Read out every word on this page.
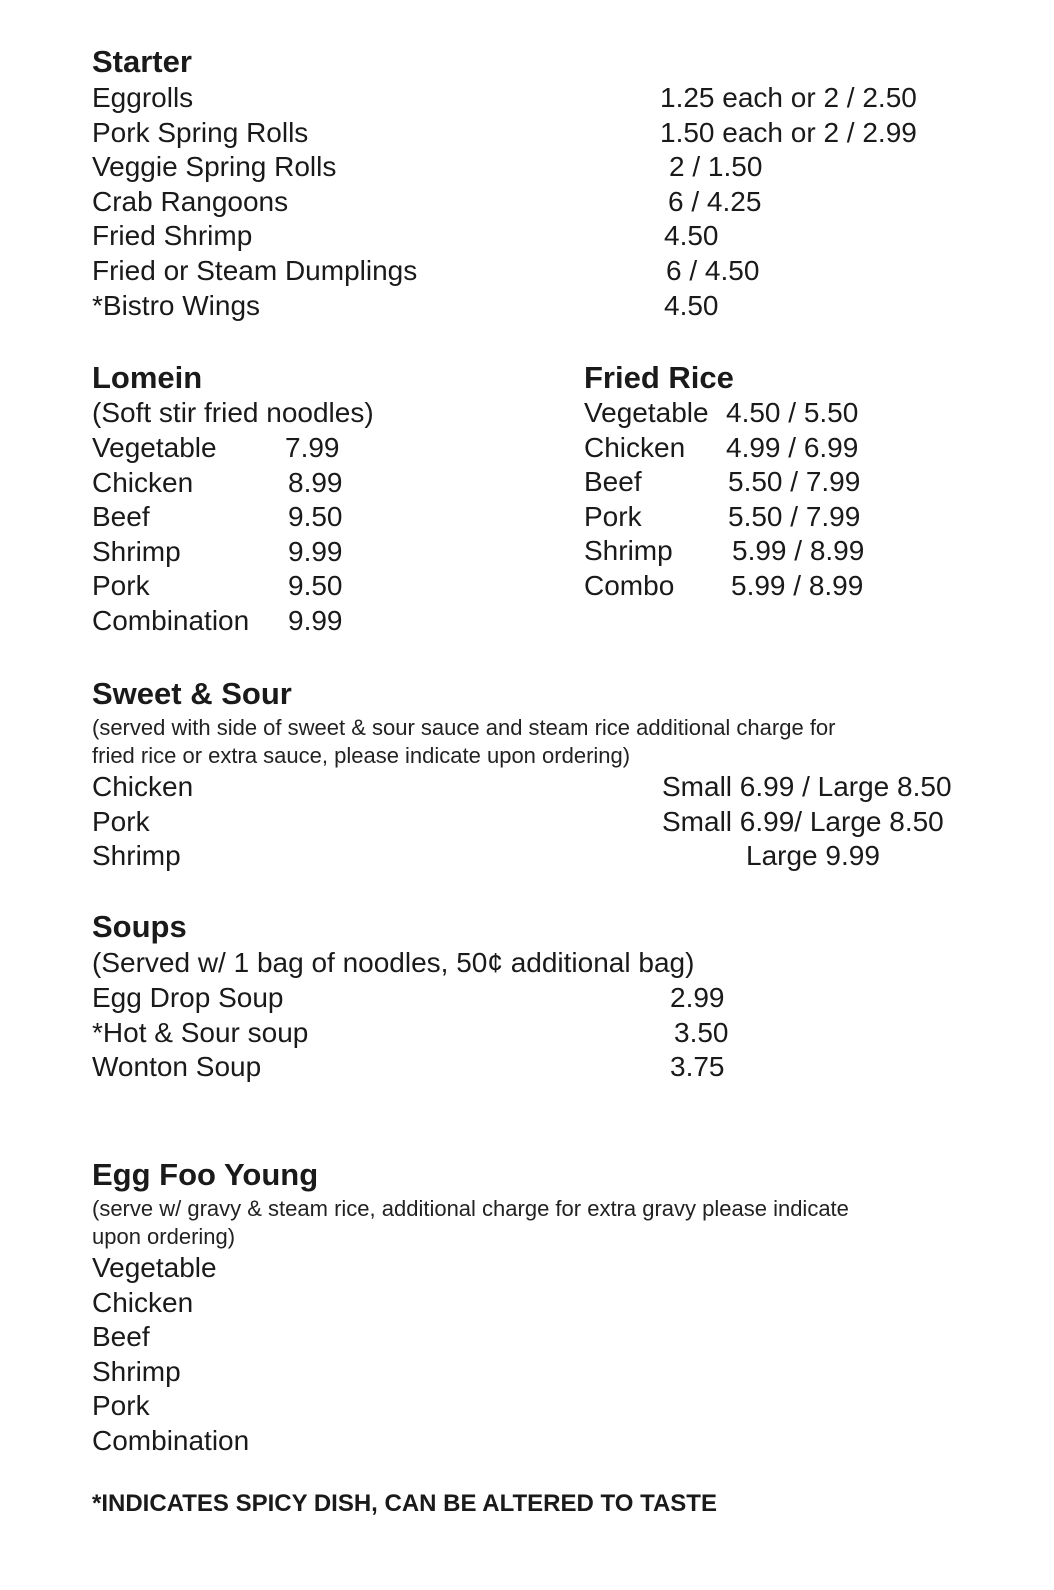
Starter
Eggrolls
Pork Spring Rolls
Veggie Spring Rolls
Crab Rangoons
Fried Shrimp
Fried or Steam Dumplings
*Bistro Wings
1.25 each or 2 / 2.50
1.50 each or 2 / 2.99
2 / 1.50
6 / 4.25
4.50
6 / 4.50
4.50
Lomein
(Soft stir fried noodles)
Vegetable
Chicken
Beef
Shrimp
Pork
Combination
7.99
8.99
9.50
9.99
9.50
9.99
Fried Rice
Vegetable
Chicken
Beef
Pork
Shrimp
Combo
4.50 / 5.50
4.99 / 6.99
5.50 / 7.99
5.50 / 7.99
5.99 / 8.99
5.99 / 8.99
Sweet & Sour
(served with side of sweet & sour sauce and steam rice additional charge for
fried rice or extra sauce, please indicate upon ordering)
Chicken
Pork
Shrimp
Small 6.99 / Large 8.50
Small 6.99/ Large 8.50
Large 9.99
Soups
(Served w/ 1 bag of noodles, 50¢ additional bag)
Egg Drop Soup
*Hot & Sour soup
Wonton Soup
2.99
3.50
3.75
Egg Foo Young
(serve w/ gravy & steam rice, additional charge for extra gravy please indicate
upon ordering)
Vegetable
Chicken
Beef
Shrimp
Pork
Combination
*INDICATES SPICY DISH, CAN BE ALTERED TO TASTE
